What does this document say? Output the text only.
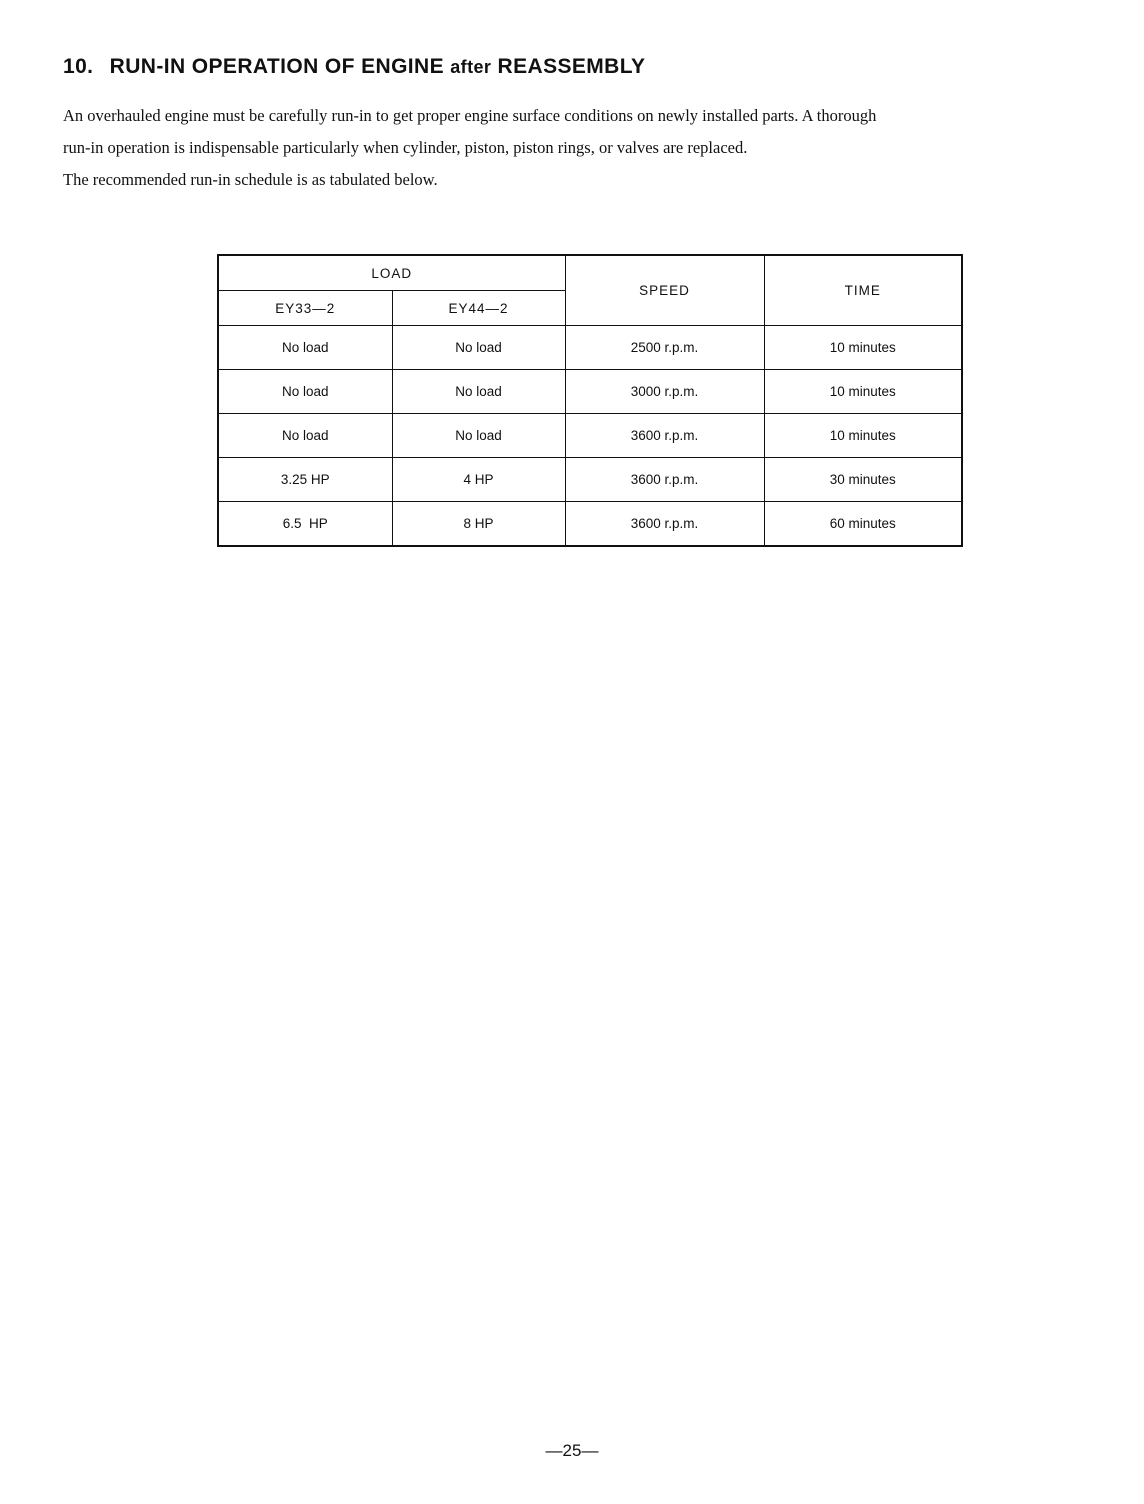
10. RUN-IN OPERATION OF ENGINE after REASSEMBLY

An overhauled engine must be carefully run-in to get proper engine surface conditions on newly installed parts. A thorough

run-in operation is indispensable particularly when cylinder, piston, piston rings, or valves are replaced.

The recommended run-in schedule is as tabulated below.

LOAD		SPEED	TIME
EY33—2	EY44—2		
No load	No load	2500 r.p.m.	10 minutes
No load	No load	3000 r.p.m.	10 minutes
No load	No load	3600 r.p.m.	10 minutes
3.25 HP	4 HP	3600 r.p.m.	30 minutes
6.5  HP	8 HP	3600 r.p.m.	60 minutes

—25—
